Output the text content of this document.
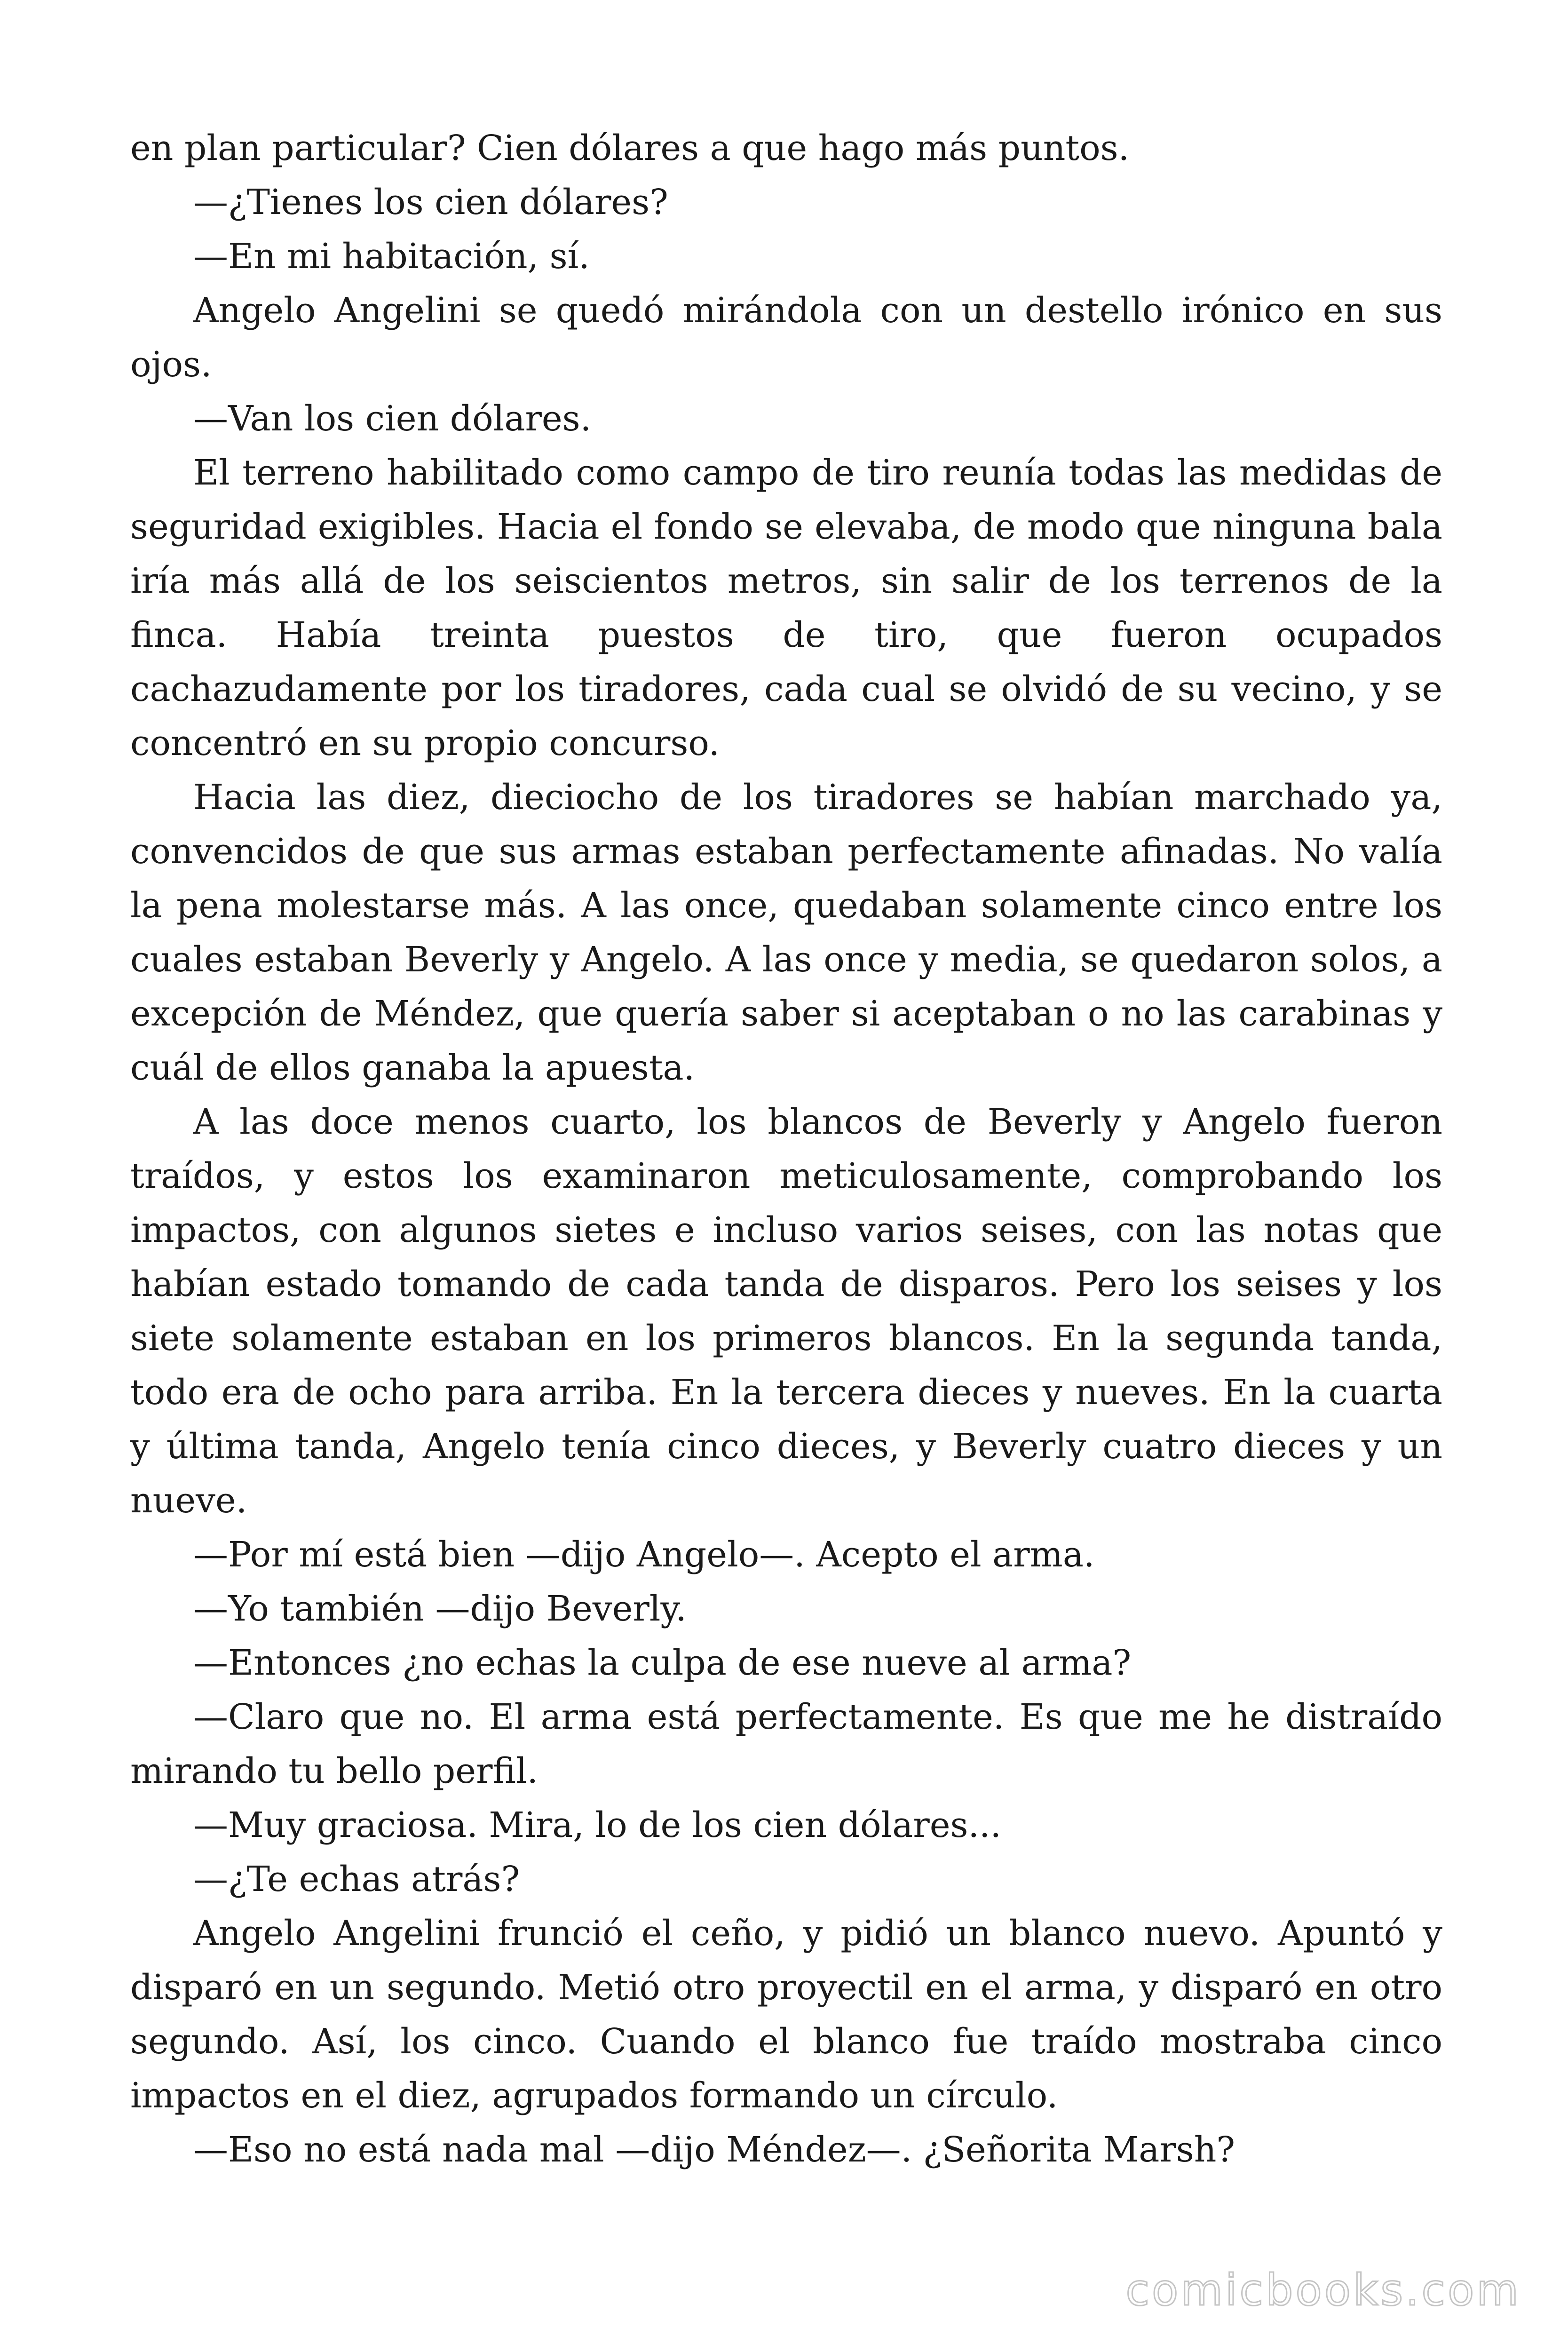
en plan particular? Cien dólares a que hago más puntos.

—¿Tienes los cien dólares?

—En mi habitación, sí.

Angelo Angelini se quedó mirándola con un destello irónico en sus ojos.

—Van los cien dólares.

El terreno habilitado como campo de tiro reunía todas las medidas de seguridad exigibles. Hacia el fondo se elevaba, de modo que ninguna bala iría más allá de los seiscientos metros, sin salir de los terrenos de la finca. Había treinta puestos de tiro, que fueron ocupados cachazudamente por los tiradores, cada cual se olvidó de su vecino, y se concentró en su propio concurso.

Hacia las diez, dieciocho de los tiradores se habían marchado ya, convencidos de que sus armas estaban perfectamente afinadas. No valía la pena molestarse más. A las once, quedaban solamente cinco entre los cuales estaban Beverly y Angelo. A las once y media, se quedaron solos, a excepción de Méndez, que quería saber si aceptaban o no las carabinas y cuál de ellos ganaba la apuesta.

A las doce menos cuarto, los blancos de Beverly y Angelo fueron traídos, y estos los examinaron meticulosamente, comprobando los impactos, con algunos sietes e incluso varios seises, con las notas que habían estado tomando de cada tanda de disparos. Pero los seises y los siete solamente estaban en los primeros blancos. En la segunda tanda, todo era de ocho para arriba. En la tercera dieces y nueves. En la cuarta y última tanda, Angelo tenía cinco dieces, y Beverly cuatro dieces y un nueve.

—Por mí está bien —dijo Angelo—. Acepto el arma.

—Yo también —dijo Beverly.

—Entonces ¿no echas la culpa de ese nueve al arma?

—Claro que no. El arma está perfectamente. Es que me he distraído mirando tu bello perfil.

—Muy graciosa. Mira, lo de los cien dólares...

—¿Te echas atrás?

Angelo Angelini frunció el ceño, y pidió un blanco nuevo. Apuntó y disparó en un segundo. Metió otro proyectil en el arma, y disparó en otro segundo. Así, los cinco. Cuando el blanco fue traído mostraba cinco impactos en el diez, agrupados formando un círculo.

—Eso no está nada mal —dijo Méndez—. ¿Señorita Marsh?

comicbooks.com
